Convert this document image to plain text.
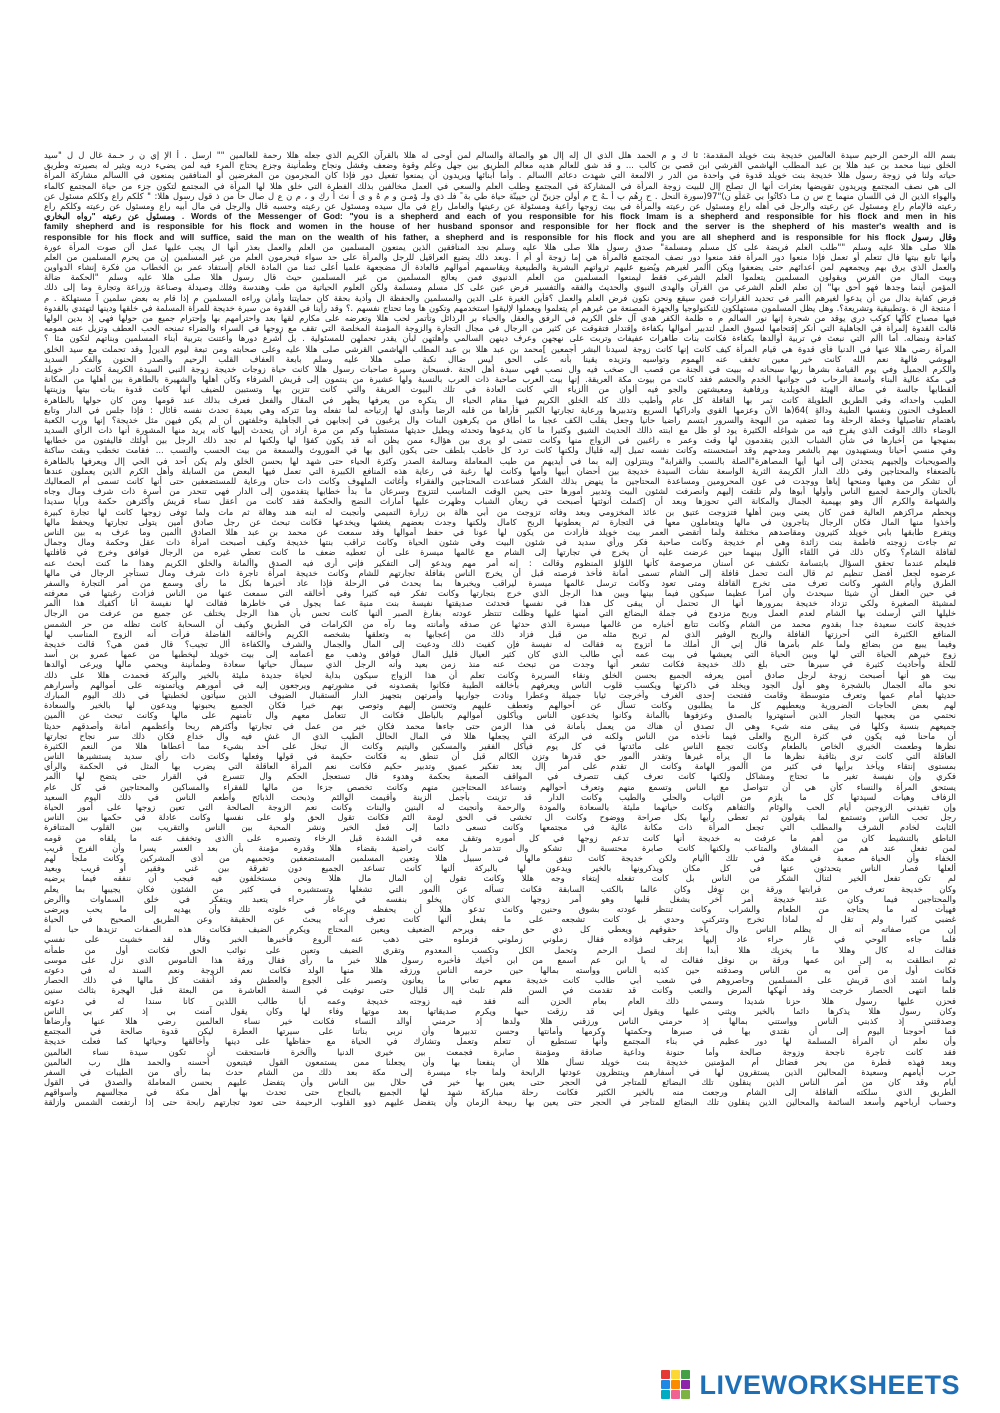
بسم الله الرحمن الرحيم سيدة العالمين خديجة بنت خويلد المقدمة: ئا ك و م الحمد هلل الذي ال إله إال هو والصالة والسالم لمن أوحى له هللا بالقرآن الكريم الذي جعله هللا رحمة للعالمين "" ارسل . أ الإ إي ن ر حـمة غال ل ل "سيد

الخلق نبينا محمد بن عبد هللا بن عبد المطلب الهاشمي القرشي ابن قصي بن كالب ... و قد شق للعالم هديه معالم الطريق بين جهل وعلم وقوة وضعف وفشل ونجاح وطمأنينة وجزع يحتاج المرء فيه لمن يضيء دربه ويثير له بصيرته وطريق

حياته ولنا في زوجة رسول هللا خديجة بنت خويلد قدوة في واحدة من الدر ر الالمعة التي شهدت دعائم االسالم . وأما أبنائها ويريدون أن يمنعوا تفعيل دور فإذا كان المجرمون من المغرضين أو المنافقين يمنعون في االسالم مشاركة المرأة

الى هي نصف المجتمع ويريدون تقويضها بعثرات أنها ال تصلح إال للبيت زوجة المرأة في المشاركة في المجتمع وطلب العلم والسعي في العمل مخالفين بذلك الفطرة التي خلق هللا لها المرأة في المجتمع لتكون جزء من حياة المجتمع كالماء

والهواء الذين ال في اللسان منهما ح س ن مـا ذكاتُوا بي عَمَلُو ن)"97(سورة النحل . ح رهُم بِ أ ـهُ ح م أولن جزينّ لن حيينّة حياة طي بة ً فلـ ذي ولـ ؤمـن و م هُ و ى أ نث أ ركٍ و ، م ن ع ل صال حاً من ذ قول رسول هللا: " كلكم راع وكلكم مسئول عن

رعيته فالإمام راع ومسئول عن رعيته والرجل في أهله راع ومسئول عن رعيته والمرأة في بيت زوجها راعية ومسئولة عن رعيتها والعامل راع في مال سيده ومسئول عن رعيته وحسبه قال والرجل في مال أبيه راع ومسئول عن رعيته وكلكم راع

ومسئول عن رعيته "رواه البخاري . Words of the Messenger of God: "you is a shepherd and each of you responsible for his flock Imam is a shepherd and responsible for his flock and men in his

family shepherd and is responsible for his flock and women in the house of her husband sponsor and responsible for her flock and the server is the shepherd of his master's wealth and is

responsible for his flock and will suffice, said the man on the wealth of his father, a shepherd and is responsible for his flock and you are all shepherd and is responsible for his flock وقال رسول

هللا صلى هللا عليه وسلم ""طلب العلم فريضة على كل مسلم ومسلمة" صدق رسول هللا صلى هللا عليه وسلم نجد المنافقين الذين يمنعون المسلمين من العلم والعمل بعذر أنها ال يجب عليها عمل ألن صوت المرأة عورة

وأنها تابع بيتها فال تتعلم أو تعمل فإذا منعوا دور المرأة فقد منعوا دور نصف المجتمع فالمرأة هي إما زوجة أو أم أ .وبعد ذلك يضيع العراقيل للرجل والمرأة على حد سواء فيحرمون العلم من غير المسلمين إن من يحرم المسلمين من العلم

والعمل الذي يرق بهم ويجمعهم لمن أعدائهم حتى يضعفوا ويكن األمر لغيرهم ويُضيع عليهم ثرواتهم البشرية والطبيعية ويقاسمهم أموالهم فالعادة أل مضجعهة علميا أعلى ثمنا من المادة الخام إأستفاد عمر بن الخطاب من فكرة إنشاء الدواوين

وبيت المال من الفرس ويقولون المسلمين يتعلموا العلم الشرعي فقط ليمنعوا المسلمين من العلم الدنيوي فمن يعالج المسلمين من غير المسلمين حيث قال رسول هللا صلى هللا عليه وسلم "الحكمة ضالة

المؤمن أينما وجدها فهو أحق بها" إن تعلم العلم الشرعي من القرآن والهدى النبوي والحديث والفقه والتفسير فرض عين على كل مسلم ومسلمة ولكن العلوم الحياتية من طب وهندسة وفلك وصيدلة وصناعة وزراعة وتجارة وما إلى ذلك

فرض كفاية بدال من أن يدعوا لغيرهم األمر في تحديد القرارات فمن سيقع ونحن نكون فرض العلم والعمل ؟فأين الغيرة على الدين والمسلمين والحفظة ال وأذية بحقة كان حمايتنا وأمان وراءه المسلمين م إذا قام به بعض سلمين آ مستهلكة . م

أ منتجة ال ة .وتطبيقية وتشريعة؟. وهل يظل المسلمون مستهلكون للتكنولوجيا والجهزة المصنعة من غيرهم أم يتعلموا ويعملوا لإليقوا استخدمهم وتكون ها وما تحتاج نفسهم .؟ وقد رأينا في القدوة من سيرة خديجة للمرأة المسلمة في خلقها ودينها لتهتدي بالقدوة

فيها مصباح كأنّها كوكب دري يوقد من شجرة إنها نور السالم م ه ظلمة الكفر هدى آل خلق الكريم في الرفق والعقل والحياء بر الرذائل وتأتمر لحب هللا وتعرضه على مكارم لقها بعد واحترامهم بها وإحترام جميع من حولها فهي إذ بدين الولها

قالت القدوة إلمرأة في الجاهلية التي أنكر إقتحامها لسوق العمل لتدبير أموالها بكفاءة وإقتدار فتقوقت عن كثير من الرجال في مجال التجارة والزوجة المؤمنة المخلصة التي تقف مع زوجها في السراء والضراء تمنحه الحب العطف وتزيل عنه همومه

كفاحة ونضاله. أما األم التي نبعث في تربية أوالدها بكفاءة فكانت بنات طاهرات عفيفات وتربت على نهجهن وعرف دينهن السالمي وأهلتهن لبأن يقدر تحملهن للمسئولية . بل أشرع دورها وأعتنت بتربية أبناء المسلمين وبناتهم لتكون مثا ؟

المرأة رضي هللا عنها في الدنيا فأي قدوة هي قيام المرأة كيف كانت إنها كانت زوجة لسيدنا البشر أجمعين ]محمد بن عبد هللا بن عبد المطلب الهاشمي القرشي صلى هللا عليه وعلى صحابته ومن تبعة ليوم الدين[ وقد تحملت مع سيد الخلق

الهوشي فالهة نعم الله كانت خير معين تخفف عنه الهموم وتواسيه وتزيده يقينا بأنه على الحق ليس ضاال نكبة صلى هللا عليه وسلم بابعة العفاف القلب الرحيم والصدر الحنون والفكر السديد

والكرم الجميل وفي يوم القيامة بشرها ربها سبحانه له ببيت في الجنة من قصب ال صخب فيه وال نصب فهي سيدة أهل الجنة .فسبحان وسيرة صاحبات رسول هللا كانت حياة زوجات خديجة زوجة النبي السيدة الكريمة كانت دار خويلد

في مكة عالية البناء واسعة الرحاب في جوانبها الخدم والحشم فقد كانت من بيوت مكة العريقة. إنها بيت العرب صاحبة ذات العرب بالنسبة ولها عشيرة من ينتمون إلى قريش الشرفاء وكان أهلها والشهيرة بالطاهرة بين أهلها من المكانة

ألقطابها جالسة في صالة الهيئة الخويلدية ورفاهية ومعيشتهن والجو فيه ألوان من األزياء التي كانت العادة في تلك البيوت العريقة والتي كانت تتزين بها وتستبين للضيف أنها كانت قدوة بنات بيتها وزينتها

الطيب واحداثه وفي الطريق الطويلة كانت تمر بها القافلة كل عام وأطيب ذلك كله الخلق الكريم فيها مقام الحياء ال ينكره من يعرفها يظهر في المقال والفعل فعرف بذلك عند قومها ومن كان حولها بالطاهرة

العطوف الحنون ونفسها الطيبة ودالةٍ )64(ها الأن وعزمها القوي وادراكها السريع وتدبيرها ورعاية تجارتها الكبير فأراها من قلبه الرضا وأبدى لها إرتياحه لما تفعله وما تتركه وهي بعيدة تحدث نفسه قائال : فإذا جلس في الدار وتابع

باهتمام تفاصيلها وخطة الرحلة وما تضفيه من البهجة والسرور ابتسم راضيا حانيا وجعل يقلب الكف عجبا ما أطاق من يكرهون البنات وال يرغبون في إنجابهن في الجاهلية وخلفتهن أن لم يكن فيهن مثل خديجة؟ إنها ورب الكعبة

الوضاء ذالك الوقت الذي يفرح فيه من شواغله الكثيرة يود لو ظل مع ابنته ذالك الحديث الشيق وكثيرا ما كان يدعوها وتحدثه ويطيل حديثها مستطيبا وكم من مرة أراد أن يتحدث إليها كأنه يريد منها المشورة أنها ذات الرأي السديد

بمنهجها من أخبارها في شأن الشباب الذين يتقدمون لها وقت وعمر ه راغبين في الزواج منها وكانت تتمنى لو يرى بين هؤالء ممن يظن أنه قد يكون كفؤا لها ولكنها لم تجد ذلك الرجل بين أولئك فاليفتون من خطابها

وفي منسي أحيانا ويستهيدون بهم بالشعر ومدحهم وقد استحسنته وكانت نفسه تميل إليه قليال ولكنها كانت ترد كل خاطب بلطف حتى يكون أليق بها في الموروث والسمعة من بيت الحسب والنسب ... فقامت تخطب وبقت ساكنة

والصويحبات وإلجيهم يتحدثن إلى أنها أيها المصاهرة"الصلة بالنسب والقرابة" وينتزلون إليه بما في أيديهم من طيب المعاملة وسالمة الصدر وكثرة الحياء حتى شهد لها بحسن الخلق ولم يكن أحد في الحي إال ويعرفها بالطاهرة

بالضعفاء والمحتاجين وفي ذلك الدار الكريمة الثرية الواسعة نشأت السيدة خديجة بين أحضان أبيها وأمها وكانت لها رغبة في رعاية هذه المنافع الكبيرة التي تعمل فيها البعض من السابلة وأهل الكرم الذين يعملون عندها

أن تشكر من وهبها ومنحها إياها ووجدت في عون المحرومين ومساعدة المحتاجين ما ينهض بذلك الشكر فساعدت المحتاجين والفقراء وأغاثت الملهوف وكانت ذات حنان ورعاية للمستضعفين حتى أنها كانت تسمى أم الصعاليك

بالحنان والرحمة لجميع الناس وأولها أبوها ولم تلتقت إليهم وأنصرفت لشئون البيت وتدبير أمورها حتى يحين الوقت المناسب لتتزوج وسرعان ما بدأ خطابها يتقدمون إلى الدار فهي تنحدر من أسرة ذات شرف ومال وجاه

والشهامة والكرم أال وهو بهيمية الجمال والمكانة التي تحوزها وبعد أن إكتملت أنوثتها أصبحت في ريعان الشباب وظهرت عليها أمارات النضج والحكمة فقد كانت من أعقل نساء قريش وأكثرهن حكمة ورأيا سديدا

ويحطم مراكزهم العالية فمن كان يعني وبين أهلها فتزوجت عتيق بن عائذ المخزومي وبعد وفاته تزوجت من أبي هالة بن زرارة التميمي وأنجبت له ابنه هند وهالة ثم مات ولما توفى زوجها كانت لها تجارة كبيرة

وأخذوا منها المال فكان الرجال يتاجرون في مالها ويتعاملون معها في التجارة ثم يعطونها الربح كامال ولكنها وجدت بعضهم يغشها ويخدعها فكانت تبحث عن رجل صادق أمين يتولى تجارتها ويحفظ مالها

ويتفرع طابقها بابي خويلد كثيرون ومقاصدهم مختلفة ولما أتقضي العمر بيت خويلد فأرادت من يكون لها عونا في حفظ أموالها وقد سمعت عن محمد بن عبد هللا الصادق األمين وما عرف به بين الناس

تم جاءت زوجته فاطمة بنت زائدة وهي أم خديجة وكانت صاحبة فكر ورأي سديد في شئون البيت وفي شئون الحياة وكانت تراقب بنتها خديجة وكيف أصبحت امرأة ذات عقل وحكمة ومال وجمال

لقافلة الشام؟ وكان ذلك في اللقاء األول بينهما حين عرضت عليه أن يخرج في تجارتها إلى الشام مع غالمها ميسرة على أن تعطيه ضعف ما كانت تعطي غيره من الرجال فوافق وخرج في قافلتها

فليعلم عندما تحقق السؤال بابتسامة تكشف عن أسنان مرصوصة كأنها اللؤلؤ المنظوم وقالت : إنه أمر مهم ويدعو إلى التفكير فإني أرى فيه الصدق واألمانة والخلق الكريم وهذا ما كنت أبحث عنه

عرضوه لجعل أفضل تنظيم ثم قال ألنت تحمل قافلة إلى الشام تسمى أمانة فأخذ فرصته قبل أن يخرج الناس بقافلة تجارتهم للشام وكانت خديجة امرأة تاجرة ذات شرف ومال تستأجر الرجال في مالها

الطرق وأيام الشهر وكانت تعرف متى تخرج القافلة ومتى تعود وكانت ترسل غالمها ميسرة ليراقب ويخبرها بما يحدث في الرحلة فإذا عاد أخبرها بكل ما رأى وسمع من أمر التجارة والسفر

في حين العقل أن شيئا سيحدث وأن أمرا عظيما سيكون فيما بينها وبين هذا الرجل الذي خرج بتجارتها وكانت تفكر فيه كثيرا وفي أخالقه التي سمعت عنها من الناس فزادت رغبتها في معرفته

لمشيئة الصغيرة ولكي تزداد خديجة بمرورها أنها ال تحتمل أن يبقى كل هذا في نفسها فحدثت صديقتها نفيسة بنت منية عما يجول في خاطرها فقالت لها نفيسة أنا أكفيك هذا األمر

خليلها التي أرسلت بها الشام لعدم العمل وربح مزدوج في جملة البضائع التي أمنها عليها وظلت تنتظر عودته بفارغ الصبر ألنها كانت تحس بأن هذا الرجل يختلف عن جميع من عرفت من الرجال

خديجة كانت سعيدة جدا بقدوم محمد من الشام وكانت تتابع أخباره من غالمها ميسرة الذي حدثها عن صدقه وأمانته وما رآه من الكرامات في الطريق وكيف أن السحابة كانت تظله من حر الشمس

المنافع الكثيرة التي أحرزتها القافلة والربح الوفير الذي لم تربح مثله من قبل فزاد ذلك من إعجابها به وتعلقها بشخصه الكريم وأخالقه الفاضلة فرأت أنه الزوج المناسب لها

وفيما يبيع من بضائع ولما علم بأمرها قال إني ال أملك ما أتزوج به فقالت له نفيسة فإن كفيت ذلك ودعيت إلى المال والجمال والشرف والكفاءة أال تجيب؟ قال فمن هي؟ قالت خديجة

زوج خيرهم الحياة التي لها وبين الحياة التي يعيشها في بيت عمه أبي طالب الذي كان كثير العيال قليل المال فوافق وذهب مع أعمامه إلى بيت خويلد ليخطبها من عمها عمرو بن أسد

للحلة وأحاديث كثيرة في سيرها حتى بلغ ذلك خديجة فكانت تشعر أنها وجدت من تبحث عنه منذ زمن بعيد وأنه الرجل الذي سيمأل حياتها سعادة وطمأنينة ويحمي مالها ويرعى أوالدها

بيت هو أنها أصبحت زوجة لرجل صادق أمين يعرفه الجميع بحسن الخلق ونقاء السريرة وكانت تعلم أن هذا الزواج سيكون بداية لحياة جديدة مليئة بالخير والبركة فحمدت هللا على ذلك

نحو ماله الجمال بالشجرة وهو أول الجود ويخلد في ذاكرتها ويكسب قلوب الناس ويعرفهم بأخالقه الطيبة فكانوا يقصدونه في مشورتهم ويرجعون إليه في أمورهم ويأتمنونه على أموالهم وأسرارهم

حديثها أمام عمها وتعرف متوسطة وقامت ففتحت إحدى الغرف وأخرجت ثيابا جميلة وعطرا ونادت جواريها وأمرتهن بتجهيز الدار ألستقبال الضيوف الذين سيأتون لخطبتها في ذلك اليوم المبارك

لهم بعض الحاجات الضرورية ويعطيهم كل ما يطلبون وكانت تسأل عن أحوالهم وتعطف عليهم وتحسن إليهم وتوصي بهم خيرا فكان الجميع يحبونها ويدعون لها بالخير والسعادة

نحتمي من يعجبها التجار الذين أستهتروا بالصدق وعزفوها باألمانة وكانوا يخدعون الناس ويأكلون أموالهم بالباطل فكانت ال تتعامل معهم وال تأمنهم على مالها وكانت تبحث عن األمين

جميعهم بنسبة وكلها في يبقى منه شيء وهي ال تصدق أن هناك من يعمل بأمانة في هذا الزمن حتى جاءها محمد فكان خير من عمل في تجارتها وأكثرهم ربحا وأعظمهم أمانة وأصدقهم حديثا

أن ماحنا فيه يكون في كثرة الربح والعلى فيما نأخذه من الناس ولكنه في البركة التي يجعلها هللا في المال الحالل الطيب الذي ال غش فيه وال خداع فكان ذلك سر نجاح تجارتها

نظرها وطعمت الخيري الخاص بالطعام وكانت تجمع الناس على مائدتها في كل يوم فيأكل الفقير والمسكين واليتيم وكانت ال تبخل على أحد بشيء مما أعطاها هللا من النعم الكثيرة

العاقلة التي كانت ترى بثاقبة نظرها ما ال يراه غيرها وتقدر األمور حق قدرها وتزن الكالم قبل أن تنطق به فكانت حكيمة في قولها وفعلها وكانت ذات رأي سديد يستشيرها الناس

بمستوى إنتقاء ويأخذ برأيها في كثير من األمور الهامة وكانت ال تقدم على أمر إال بعد تفكير عميق وتدبير حكيم فكانت نعم المرأة العاقلة التي يضرب بها المثل في الحكمة والرأي

فكري وإن نفيسة تغير ما تحتاج ومشاكل ولكنها كانت تعرف كيف تتصرف في المواقف الصعبة بحكمة وهدوء فال تستعجل الحكم وال تتسرع في القرار حتى يتضح لها األمر

يستحق المرأة والنساء كأن هي أن تتواصل مع الناس وتسمع منهم وتعرف أحوالهم وتساعد المحتاجين منهم وكانت تخصص جزءا من مالها للفقراء والمساكين والمحتاجين في كل عام

الزفاف وهيأت لسيدتها كل ما يلزم من الثياب والحلي والطيب وكانت الدار قد تزينت بأجمل الزينة وأقيمت الوالئم وذبحت الذبائح وأطعم الناس في ذلك اليوم السعيد

وإن تفيدني الزوجين أيام الحب والوئام والتفاهم وكانت حياتهما مليئة بالسعادة والمودة والرحمة وأنجبت له البنين والبنات وكانت نعم الزوجة الصالحة التي تعين زوجها على أمور الحياة

رجل تحب الناس وتستمع لما يقولون ثم تعطي رأيها بكل صراحة ووضوح وكانت ال تخشى في الحق لومة الئم فكانت تقول الحق ولو على نفسها وكانت عادلة في حكمها بين الناس

الثابت لخادم الشرف والمطلب التي تجعل المرأة ذات مكانة عالية في مجتمعها وكانت تسعى دائما إلى فعل الخير ونشر المحبة بين الناس والتقريب بين القلوب المتنافرة

الناطق بالتنشيط كان من أهم ما عرفت به خديجة أنها كانت تدعم زوجها في كل أموره وتقف معه في الشدة قبل الرخاء وتصبره على األذى وتخفف عنه ما يلقاه من قومه

لمن تفعل عند هم من المشاق والمتاعب ولكنها كانت صابرة محتسبة ال تشكو وال تتذمر بل كانت راضية بقضاء هللا وقدره مؤمنة بأن بعد العسر يسرا وأن الفرج قريب

الخفاء وأن الحياة صعبة في مكة في تلك األيام ولكن خديجة كانت تنفق مالها في سبيل هللا وتعين المسلمين المستضعفين وتحميهم من أذى المشركين وكانت ملجأ لهم

ألعلها فصار الناس يتحدثون عنها في كل مكان ويذكرونها بالخير ويدعون لها بالبركة ألنها كانت تساعد الجميع دون تفرقة بين غني وفقير أو قريب وبعيد

لم تكن تفعل الخير لتنال الشكر من الناس بل كانت تفعله إبتغاء وجه هللا وكانت تقول إن المال مال هللا ونحن مستخلفون فيه فيجب أن ننفقه فيما يرضيه

وكان خديجة تعرف من قرابتها ورقة بن نوفل وكان عالما بالكتب السابقة فكانت تسأله عن األمور التي تشغلها وتستشيره في كثير من الشئون فكان يجيبها بما يعلم

والمحتاجين فيما وكان عند خديجة أمر آخر يشغل قلبها وهو أمر زوجها الذي كان يخلو بنفسه في غار حراء يتعبد ويتفكر في خلق السماوات واألرض

فهيأت له ما يحتاجه من الطعام والشراب وكانت تنتظر عودته بشوق وحنين وكانت تدعو هللا أن يحفظه ويرعاه في خلوته تلك وأن يهديه إلى ما يحب ويرضى

غضبي كثيرا ولم تقل له لماذا تخرج وتتركني وحدي بل كانت تشجعه على ما يفعل ألنها كانت تعرف أنه يبحث عن الحقيقة وعن الطريق الصحيح في الحياة

إن من صفاته أنه ال يظلم الناس وال يأخذ حقوقهم ويعطي كل ذي حق حقه ويرحم الضعيف ويعين المحتاج ويكرم الضيف فكانت هذه الصفات تزيدها حبا له

فلما جاءه الوحي في غار حراء عاد إليها يرجف فؤاده فقال زملوني زملوني فزملوه حتى ذهب عنه الروع فأخبرها الخبر وقال لقد خشيت على نفسي

فقالت له كال وهللا ما يخزيك هللا أبدا إنك لتصل الرحم وتحمل الكل وتكسب المعدوم وتقري الضيف وتعين على نوائب الحق فكانت أول من طمأنه

ثم انطلقت به إلى ابن عمها ورقة بن نوفل فقالت له يا ابن عم اسمع من ابن أخيك فأخبره رسول هللا خبر ما رأى فقال ورقة هذا الناموس الذي نزل على موسى

فكانت أول من آمن به من الناس وصدقته حين كذبه الناس وواسته بمالها حين حرمه الناس ورزقه هللا منها الولد فكانت نعم الزوجة ونعم السند له في دعوته

ولما اشتد أذى قريش على المسلمين وحاصروهم في شعب أبي طالب كانت خديجة معهم تعاني ما يعانون وتصبر على الجوع والعطش وقد أنفقت كل مالها في ذلك الحصار

فلما انتهى الحصار خرجت وقد أنهكها المرض والتعب وكانت قد تقدمت في السن فلم تلبث إال قليال حتى توفيت في السنة العاشرة من البعثة قبل الهجرة بثالث سنين

فحزن عليها رسول هللا حزنا شديدا وسمي ذلك العام بعام الحزن ألنه فقد فيه زوجته خديجة وعمه أبا طالب اللذين كانا سندا له في دعوته

وكان رسول هللا يذكرها دائما بالخير ويثني عليها ويقول إني قد رزقت حبها ويكرم صديقاتها بعد موتها وفاء لها وكان يقول آمنت بي إذ كفر بي الناس

وصدقتني إذ كذبني الناس وواستني بمالها إذ حرمني الناس ورزقني هللا ولدها إذ حرمني أوالد النساء فكانت خير نساء العالمين رضي هللا عنها وأرضاها

فما أحوجنا اليوم إلى أن نقتدي بها في صبرها وحكمتها وكرمها وأمانتها وحسن تدبيرها وأن نربي بناتنا على سيرتها العطرة ليكن قدوة صالحة في المجتمع

وأن نعلم أن المرأة المسلمة لها دور عظيم في بناء المجتمع وأنها تستطيع أن تتعلم وتعمل وتشارك في الحياة مع حفاظها على دينها وأخالقها وحيائها كما فعلت خديجة

فقد كانت تاجرة ناجحة وزوجة صالحة وأما حنونة وداعية صادقة ومؤمنة صابرة فجمعت بين خيري الدنيا واآلخرة فاستحقت أن تكون سيدة نساء العالمين

وبعد فهذه قطرة من بحر فضائل أم المؤمنين خديجة بنت خويلد نسأل هللا أن ينفعنا بها وأن يجعلنا ممن يستمعون القول فيتبعون أحسنه والحمد هلل رب العالمين

حرب أيامهم وسعيدة المحالين الذين يستقرون لها في أسفارهم وينتظرون عودتها الرابحة ولما جاء ميسرة إلى مكة بعد ذلك من الشام حدث بما رأى من الطيبات في السفر

أيام وقد كان من أمر الناس الذين ينقلون تلك البضائع للمتاجر في الحجر حتى يعين بها خير في حلال بين الناس وأن يتفضل عليهم بحسن المعاملة والصدق في القول

الطريق الذي سلكته القافلة إلى الشام ورجعت منه بالخير الكثير فكانت رحلة مباركة شهد لها الجميع بالنجاح حتى تحدث بها أهل مكة في مجالسهم وأسواقهم

وحساب أرباحهم وأسعد السائمة والمحالين الذين ينقلون تلك البضائع للمتاجر في الحجر حتى يعين بها ربيحة الزمان وأن يتفضل عليهم ذوو القلوب الرحيمة حتى تعود تجارتهم رابحة حتى إذا أرتفعت الشمس وازلقة

LIVEWORKSHEETS
